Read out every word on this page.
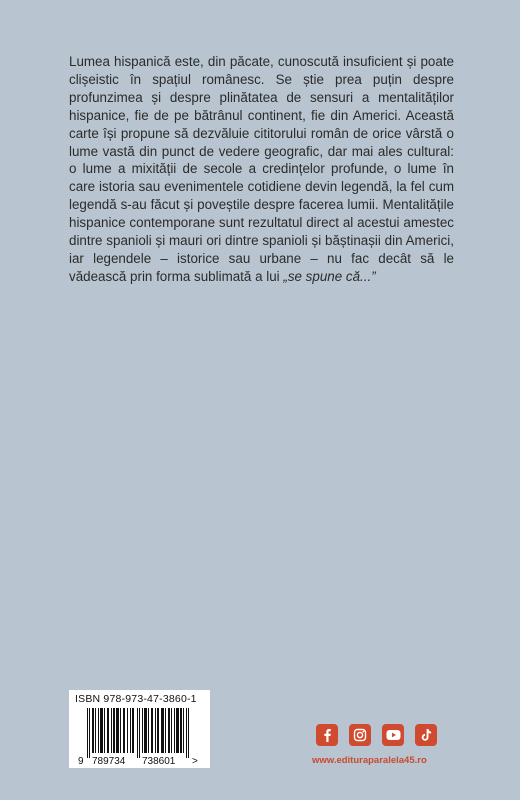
Lumea hispanică este, din păcate, cunoscută insuficient și poate clișeistic în spațiul românesc. Se știe prea puțin despre profunzimea și despre plinătatea de sensuri a mentalităților hispanice, fie de pe bătrânul continent, fie din Americi. Această carte își propune să dezvăluie cititorului român de orice vârstă o lume vastă din punct de vedere geografic, dar mai ales cultural: o lume a mixității de secole a credințelor profunde, o lume în care istoria sau evenimentele cotidiene devin legendă, la fel cum legendă s-au făcut și poveștile despre facerea lumii. Mentalitățile hispanice contemporane sunt rezultatul direct al acestui amestec dintre spanioli și mauri ori dintre spanioli și băștinașii din Americi, iar legendele – istorice sau urbane – nu fac decât să le vădească prin forma sublimată a lui „se spune că...”

ISBN 978-973-47-3860-1
9 789734 738601 >	www.edituraparalela45.ro
